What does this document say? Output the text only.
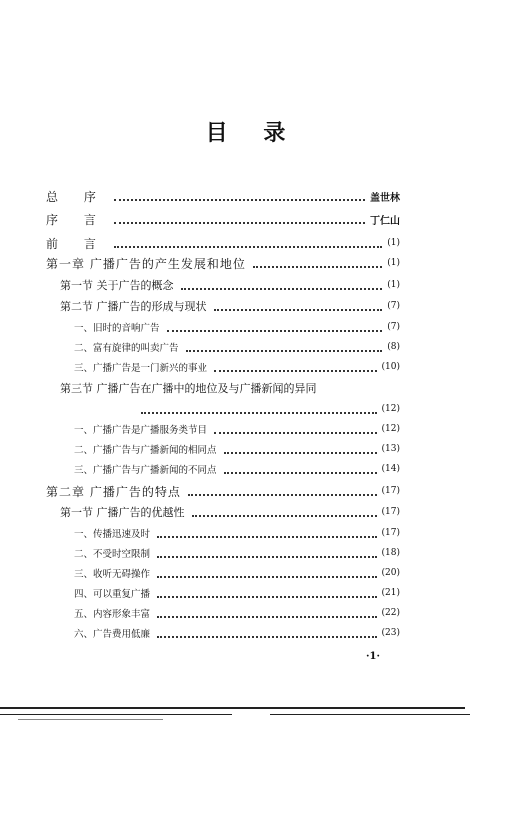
目 录
总 序	盖世林
序 言	丁仁山
前 言	(1)
第一章 广播广告的产生发展和地位	(1)
第一节 关于广告的概念	(1)
第二节 广播广告的形成与现状	(7)
一、旧时的音响广告	(7)
二、富有旋律的叫卖广告	(8)
三、广播广告是一门新兴的事业	(10)
第三节 广播广告在广播中的地位及与广播新闻的异同
(12)
一、广播广告是广播服务类节目	(12)
二、广播广告与广播新闻的相同点	(13)
三、广播广告与广播新闻的不同点	(14)
第二章 广播广告的特点	(17)
第一节 广播广告的优越性	(17)
一、传播迅速及时	(17)
二、不受时空限制	(18)
三、收听无碍操作	(20)
四、可以重复广播	(21)
五、内容形象丰富	(22)
六、广告费用低廉	(23)
·1·
